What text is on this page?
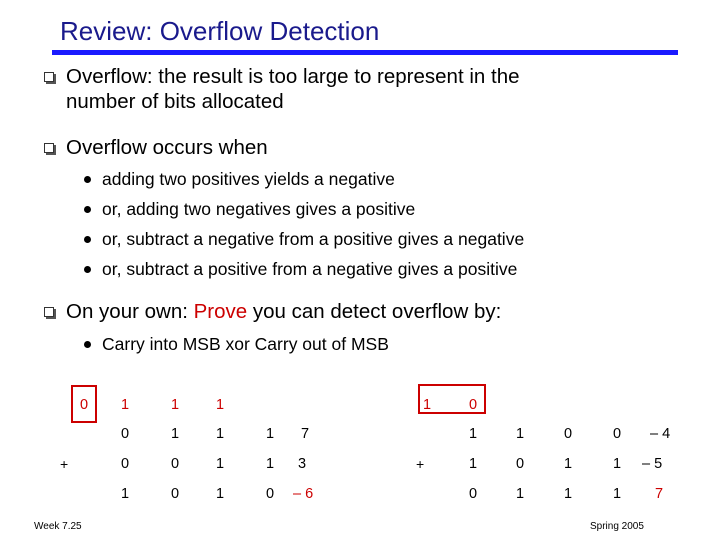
Review: Overflow Detection
Overflow: the result is too large to represent in the
number of bits allocated
Overflow occurs when
adding two positives yields a negative
or, adding two negatives gives a positive
or, subtract a negative from a positive gives a negative
or, subtract a positive from a negative gives a positive
On your own: Prove you can detect overflow by:
Carry into MSB xor Carry out of MSB
0 1	1	1
0	1	1	1 7
+	0	0	1	1 3
1	0	1	0 – 6
1	0
1	1	0	0 – 4
+	1	0	1	1 – 5
0	1	1	1 7
Week 7.25	Spring 2005
